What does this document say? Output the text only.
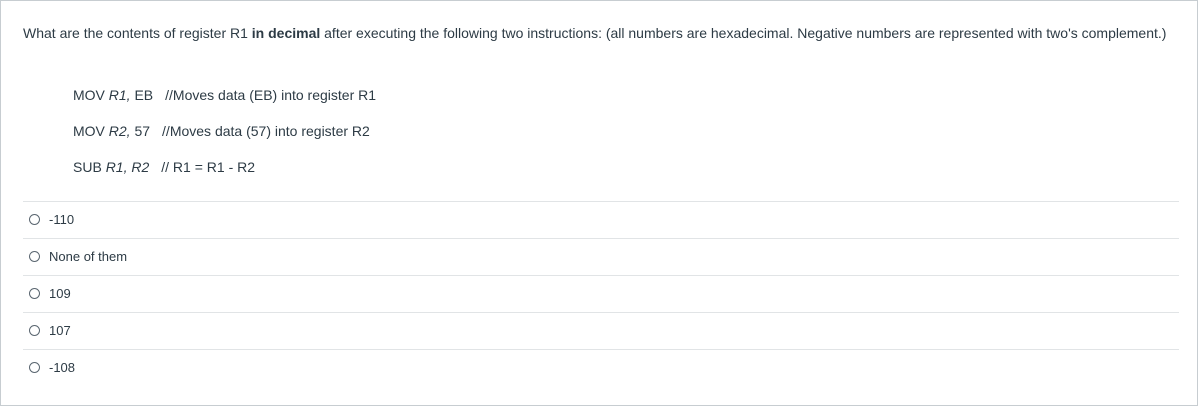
What are the contents of register R1 in decimal after executing the following two instructions: (all numbers are hexadecimal. Negative numbers are represented with two's complement.)
MOV R1, EB //Moves data (EB) into register R1
MOV R2, 57 //Moves data (57) into register R2
SUB R1, R2 // R1 = R1 - R2
-110
None of them
109
107
-108
